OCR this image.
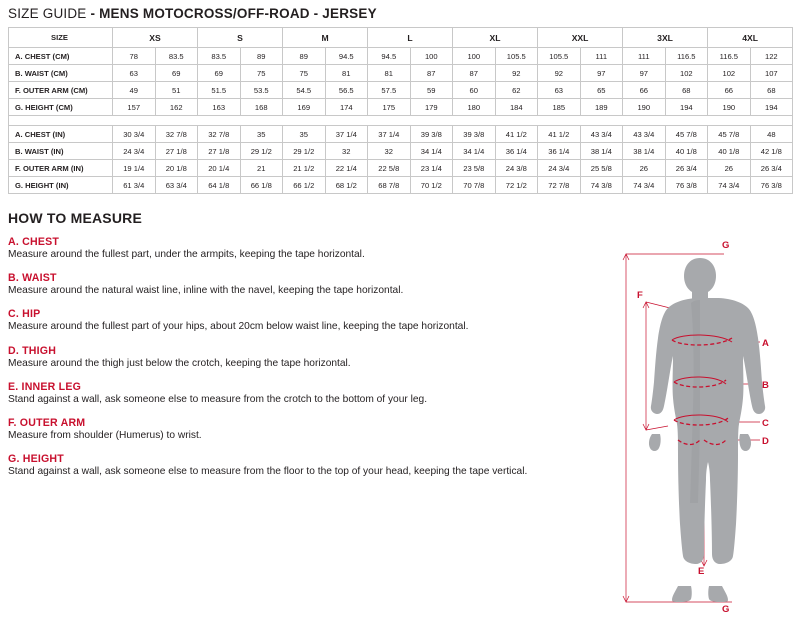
SIZE GUIDE - MENS MOTOCROSS/OFF-ROAD - JERSEY
SIZE	XS		S		M		L		XL		XXL		3XL		4XL	
A. CHEST (CM)	78	83.5	83.5	89	89	94.5	94.5	100	100	105.5	105.5	111	111	116.5	116.5	122
B. WAIST (CM)	63	69	69	75	75	81	81	87	87	92	92	97	97	102	102	107
F. OUTER ARM (CM)	49	51	51.5	53.5	54.5	56.5	57.5	59	60	62	63	65	66	68	66	68
G. HEIGHT (CM)	157	162	163	168	169	174	175	179	180	184	185	189	190	194	190	194

A. CHEST (IN)	30 3/4	32 7/8	32 7/8	35	35	37 1/4	37 1/4	39 3/8	39 3/8	41 1/2	41 1/2	43 3/4	43 3/4	45 7/8	45 7/8	48
B. WAIST (IN)	24 3/4	27 1/8	27 1/8	29 1/2	29 1/2	32	32	34 1/4	34 1/4	36 1/4	36 1/4	38 1/4	38 1/4	40 1/8	40 1/8	42 1/8
F. OUTER ARM (IN)	19 1/4	20 1/8	20 1/4	21	21 1/2	22 1/4	22 5/8	23 1/4	23 5/8	24 3/8	24 3/4	25 5/8	26	26 3/4	26	26 3/4
G. HEIGHT (IN)	61 3/4	63 3/4	64 1/8	66 1/8	66 1/2	68 1/2	68 7/8	70 1/2	70 7/8	72 1/2	72 7/8	74 3/8	74 3/4	76 3/8	74 3/4	76 3/8
HOW TO MEASURE
A. CHEST
Measure around the fullest part, under the armpits, keeping the tape horizontal.
B. WAIST
Measure around the natural waist line, inline with the navel, keeping the tape horizontal.
C. HIP
Measure around the fullest part of your hips, about 20cm below waist line, keeping the tape horizontal.
D. THIGH
Measure around the thigh just below the crotch, keeping the tape horizontal.
E. INNER LEG
Stand against a wall, ask someone else to measure from the crotch to the bottom of your leg.
F. OUTER ARM
Measure from shoulder (Humerus) to wrist.
G. HEIGHT
Stand against a wall, ask someone else to measure from the floor to the top of your head, keeping the tape vertical.
G
F
A
B
C
D
E
G
